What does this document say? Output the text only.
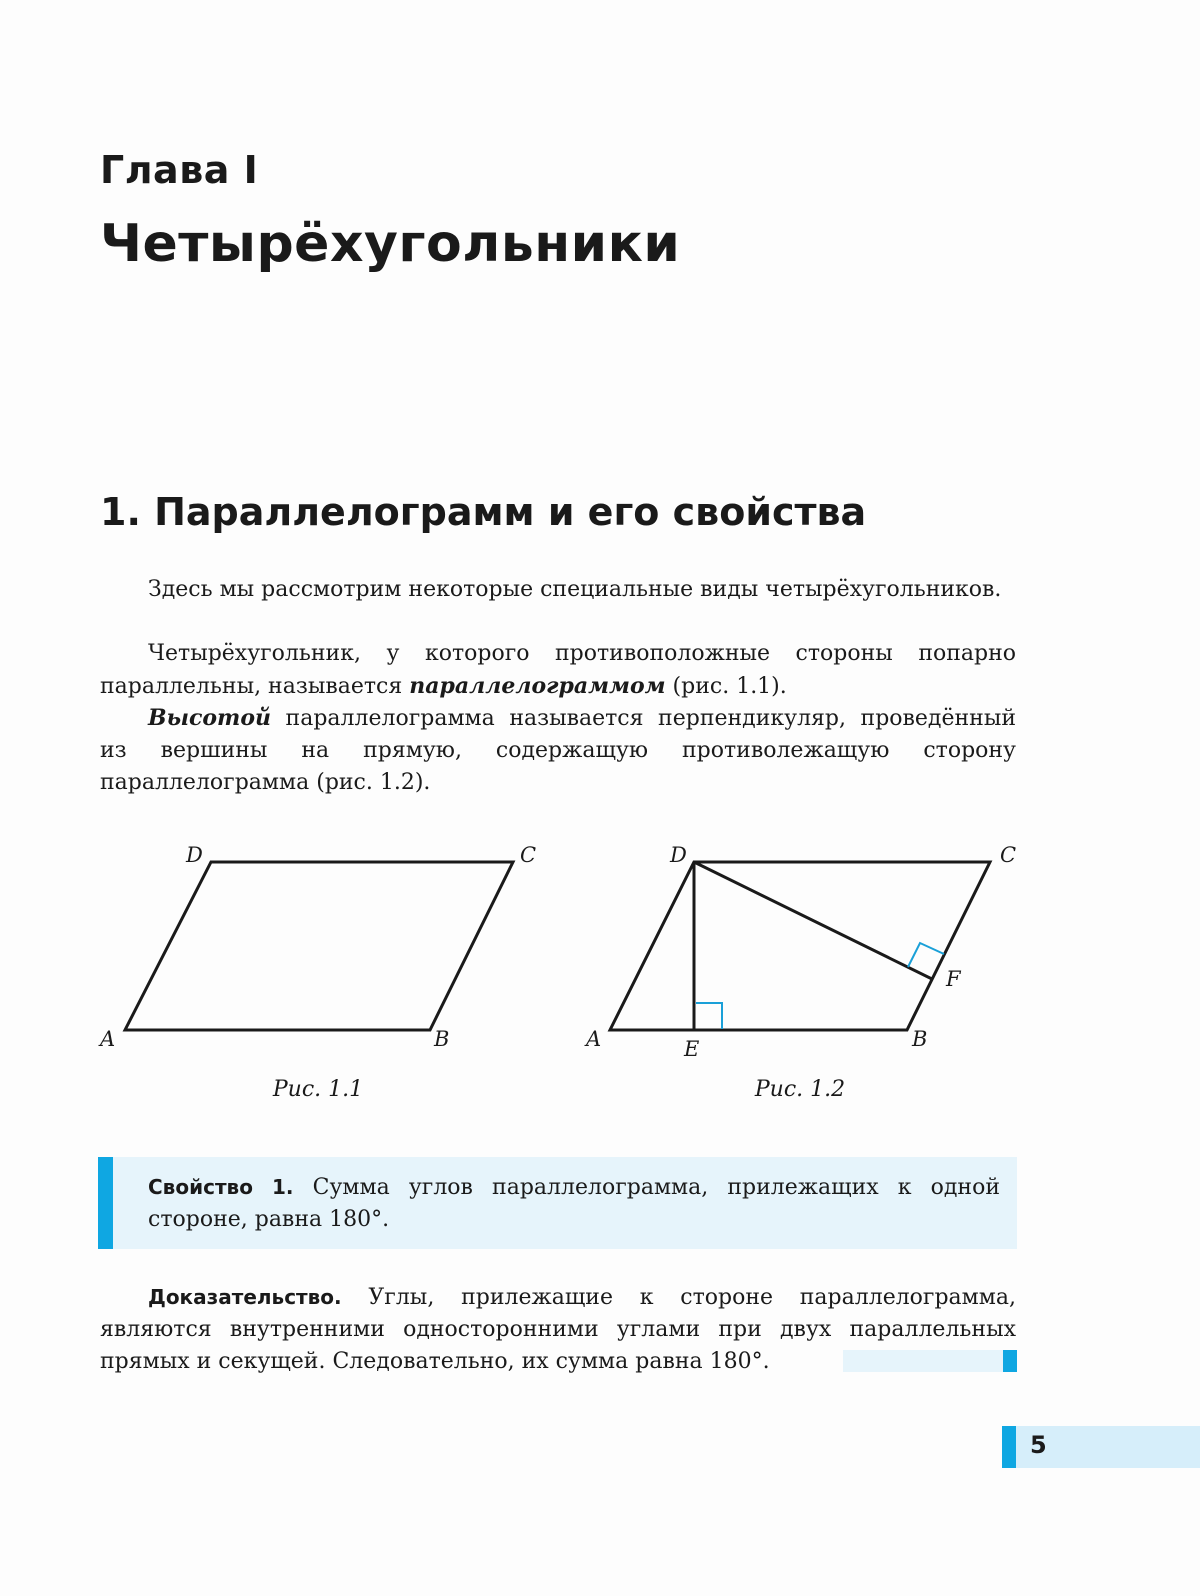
Глава I
Четырёхугольники
1. Параллелограмм и его свойства
Здесь мы рассмотрим некоторые специальные виды четырёхугольников.
Четырёхугольник, у которого противоположные стороны попарно параллельны, называется параллелограммом (рис. 1.1).
Высотой параллелограмма называется перпендикуляр, проведённый из вершины на прямую, содержащую противолежащую сторону параллелограмма (рис. 1.2).
A	B
C
D
Рис. 1.1
A	B
C
D
E
F
Рис. 1.2
Свойство 1. Сумма углов параллелограмма, прилежащих к одной стороне, равна 180°.
Доказательство. Углы, прилежащие к стороне параллелограмма, являются внутренними односторонними углами при двух параллельных прямых и секущей. Следовательно, их сумма равна 180°.
5
